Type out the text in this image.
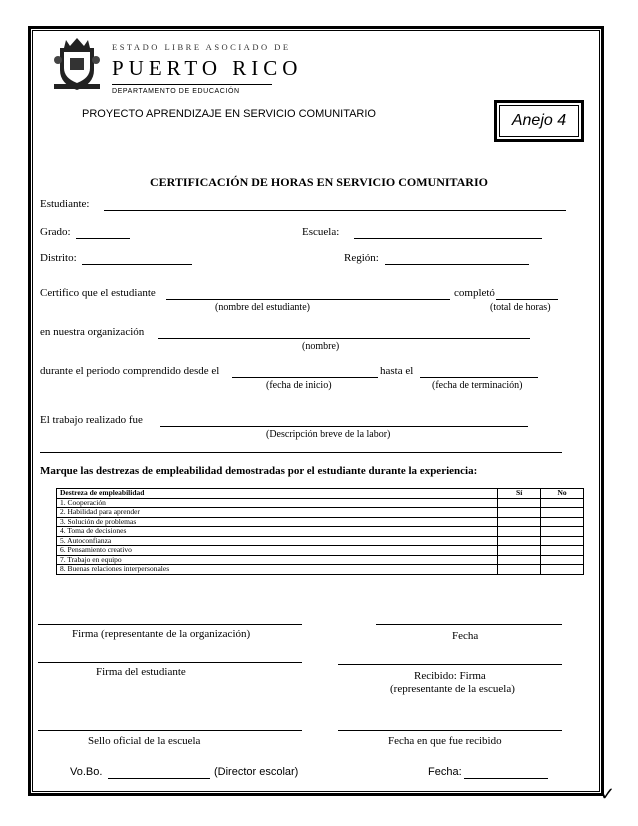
ESTADO LIBRE ASOCIADO DE
PUERTO RICO
DEPARTAMENTO DE EDUCACIÓN
PROYECTO APRENDIZAJE EN SERVICIO COMUNITARIO	Anejo 4
CERTIFICACIÓN DE HORAS EN SERVICIO COMUNITARIO
Estudiante:
Grado:	Escuela:
Distrito:	Región:
Certifico que el estudiante	completó
(nombre del estudiante)	(total de horas)
en nuestra organización
(nombre)
durante el periodo comprendido desde el	hasta el
(fecha de inicio)	(fecha de terminación)
El trabajo realizado fue
(Descripción breve de la labor)
Marque las destrezas de empleabilidad demostradas por el estudiante durante la experiencia:
Destreza de empleabilidad	Sí	No
1. Cooperación		
2. Habilidad para aprender		
3. Solución de problemas		
4. Toma de decisiones		
5. Autoconfianza		
6. Pensamiento creativo		
7. Trabajo en equipo		
8. Buenas relaciones interpersonales		
Firma (representante de la organización)	Fecha
Firma del estudiante	Recibido: Firma
(representante de la escuela)
Sello oficial de la escuela	Fecha en que fue recibido
Vo.Bo.	(Director escolar)	Fecha:
✓
